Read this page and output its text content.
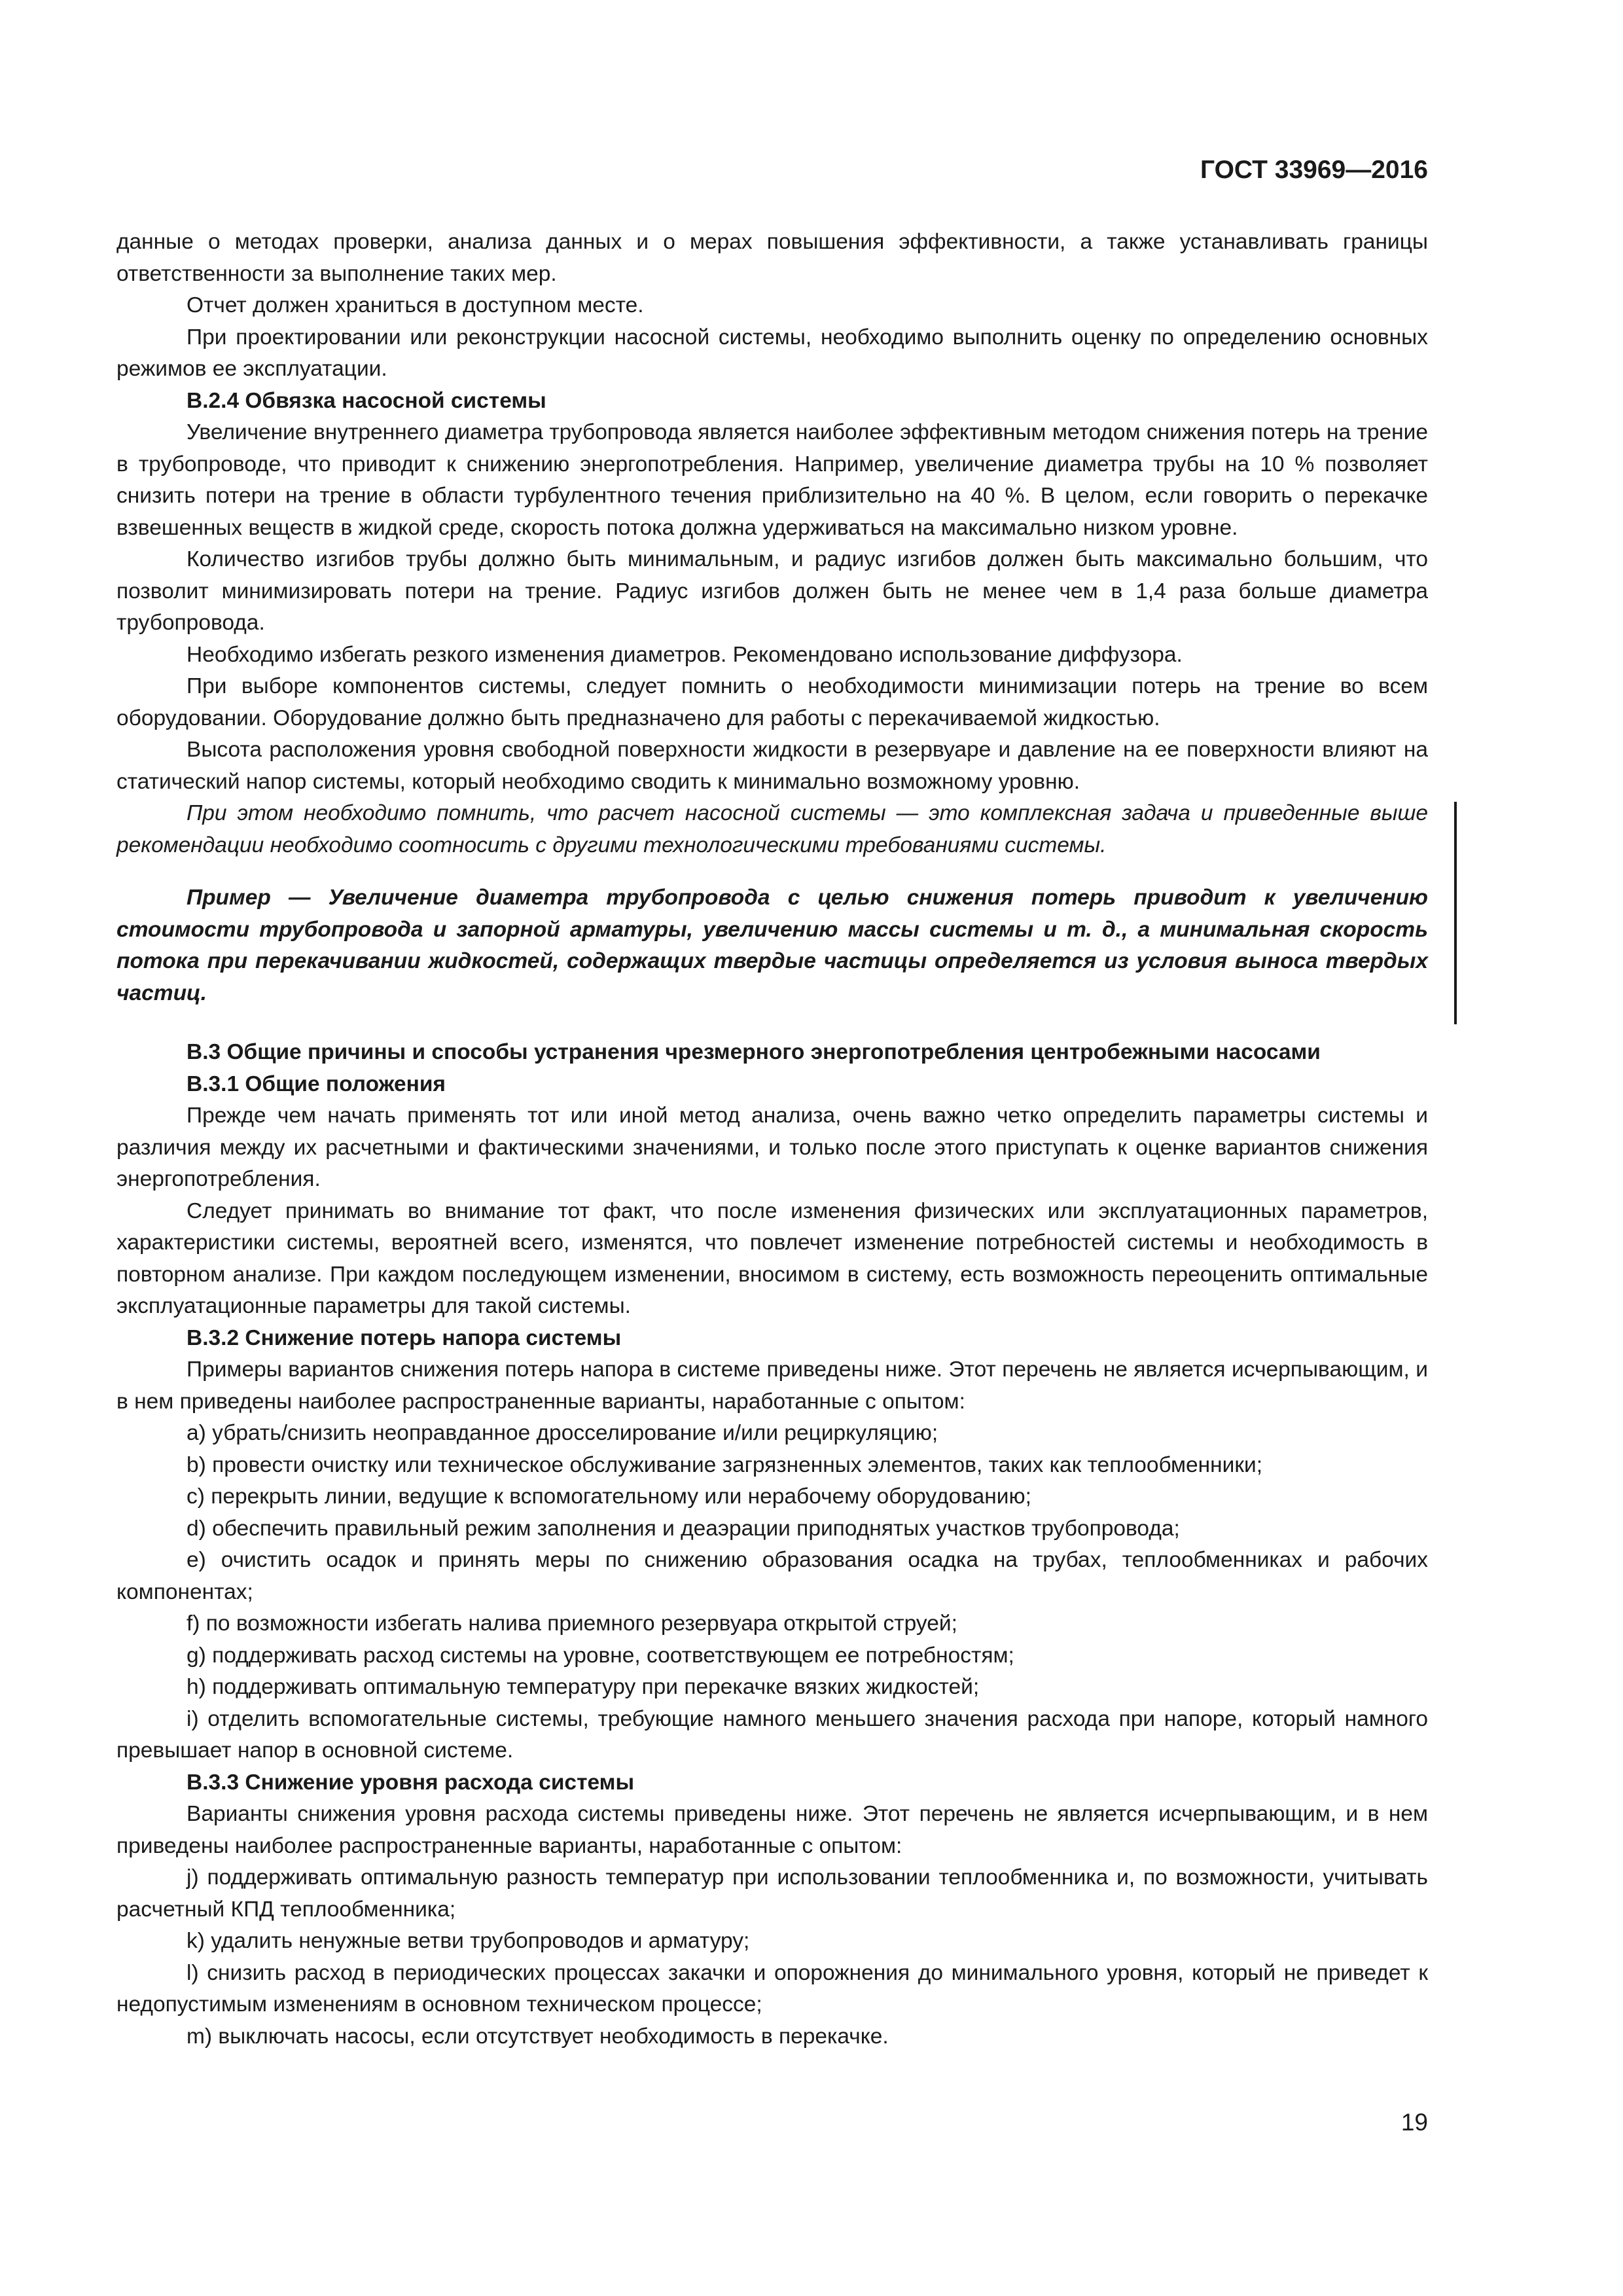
ГОСТ 33969—2016

данные о методах проверки, анализа данных и о мерах повышения эффективности, а также устанавливать границы ответственности за выполнение таких мер.

Отчет должен храниться в доступном месте.

При проектировании или реконструкции насосной системы, необходимо выполнить оценку по определению основных режимов ее эксплуатации.

В.2.4 Обвязка насосной системы

Увеличение внутреннего диаметра трубопровода является наиболее эффективным методом снижения потерь на трение в трубопроводе, что приводит к снижению энергопотребления. Например, увеличение диаметра трубы на 10 % позволяет снизить потери на трение в области турбулентного течения приблизительно на 40 %. В целом, если говорить о перекачке взвешенных веществ в жидкой среде, скорость потока должна удерживаться на максимально низком уровне.

Количество изгибов трубы должно быть минимальным, и радиус изгибов должен быть максимально большим, что позволит минимизировать потери на трение. Радиус изгибов должен быть не менее чем в 1,4 раза больше диаметра трубопровода.

Необходимо избегать резкого изменения диаметров. Рекомендовано использование диффузора.

При выборе компонентов системы, следует помнить о необходимости минимизации потерь на трение во всем оборудовании. Оборудование должно быть предназначено для работы с перекачиваемой жидкостью.

Высота расположения уровня свободной поверхности жидкости в резервуаре и давление на ее поверхности влияют на статический напор системы, который необходимо сводить к минимально возможному уровню.

При этом необходимо помнить, что расчет насосной системы — это комплексная задача и приведенные выше рекомендации необходимо соотносить с другими технологическими требованиями системы.

Пример — Увеличение диаметра трубопровода с целью снижения потерь приводит к увеличению стоимости трубопровода и запорной арматуры, увеличению массы системы и т. д., а минимальная скорость потока при перекачивании жидкостей, содержащих твердые частицы определяется из условия выноса твердых частиц.

В.3 Общие причины и способы устранения чрезмерного энергопотребления центробежными насосами

В.3.1 Общие положения

Прежде чем начать применять тот или иной метод анализа, очень важно четко определить параметры системы и различия между их расчетными и фактическими значениями, и только после этого приступать к оценке вариантов снижения энергопотребления.

Следует принимать во внимание тот факт, что после изменения физических или эксплуатационных параметров, характеристики системы, вероятней всего, изменятся, что повлечет изменение потребностей системы и необходимость в повторном анализе. При каждом последующем изменении, вносимом в систему, есть возможность переоценить оптимальные эксплуатационные параметры для такой системы.

В.3.2 Снижение потерь напора системы

Примеры вариантов снижения потерь напора в системе приведены ниже. Этот перечень не является исчерпывающим, и в нем приведены наиболее распространенные варианты, наработанные с опытом:

a) убрать/снизить неоправданное дросселирование и/или рециркуляцию;

b) провести очистку или техническое обслуживание загрязненных элементов, таких как теплообменники;

c) перекрыть линии, ведущие к вспомогательному или нерабочему оборудованию;

d) обеспечить правильный режим заполнения и деаэрации приподнятых участков трубопровода;

e) очистить осадок и принять меры по снижению образования осадка на трубах, теплообменниках и рабочих компонентах;

f) по возможности избегать налива приемного резервуара открытой струей;

g) поддерживать расход системы на уровне, соответствующем ее потребностям;

h) поддерживать оптимальную температуру при перекачке вязких жидкостей;

i) отделить вспомогательные системы, требующие намного меньшего значения расхода при напоре, который намного превышает напор в основной системе.

В.3.3 Снижение уровня расхода системы

Варианты снижения уровня расхода системы приведены ниже. Этот перечень не является исчерпывающим, и в нем приведены наиболее распространенные варианты, наработанные с опытом:

j) поддерживать оптимальную разность температур при использовании теплообменника и, по возможности, учитывать расчетный КПД теплообменника;

k) удалить ненужные ветви трубопроводов и арматуру;

l) снизить расход в периодических процессах закачки и опорожнения до минимального уровня, который не приведет к недопустимым изменениям в основном техническом процессе;

m) выключать насосы, если отсутствует необходимость в перекачке.

19
